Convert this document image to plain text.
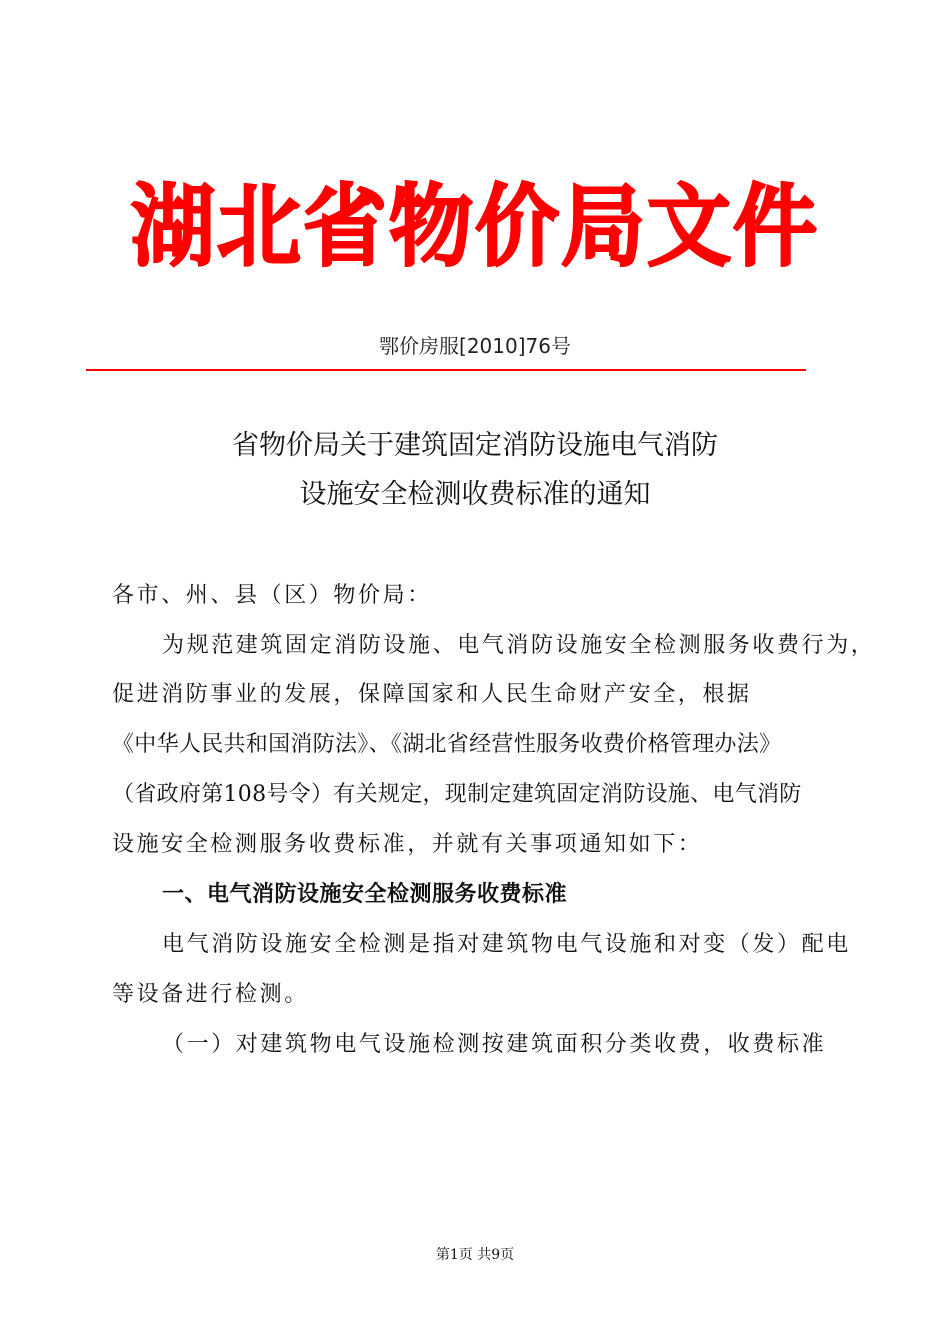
湖北省物价局文件
鄂价房服[2010]76号
省物价局关于建筑固定消防设施电气消防
设施安全检测收费标准的通知
各市、州、县（区）物价局：
为规范建筑固定消防设施、电气消防设施安全检测服务收费行为，
促进消防事业的发展，保障国家和人民生命财产安全，根据
《中华人民共和国消防法》、《湖北省经营性服务收费价格管理办法》
（省政府第108号令）有关规定，现制定建筑固定消防设施、电气消防
设施安全检测服务收费标准，并就有关事项通知如下：
一、电气消防设施安全检测服务收费标准
电气消防设施安全检测是指对建筑物电气设施和对变（发）配电
等设备进行检测。
（一）对建筑物电气设施检测按建筑面积分类收费，收费标准
第1页 共9页
